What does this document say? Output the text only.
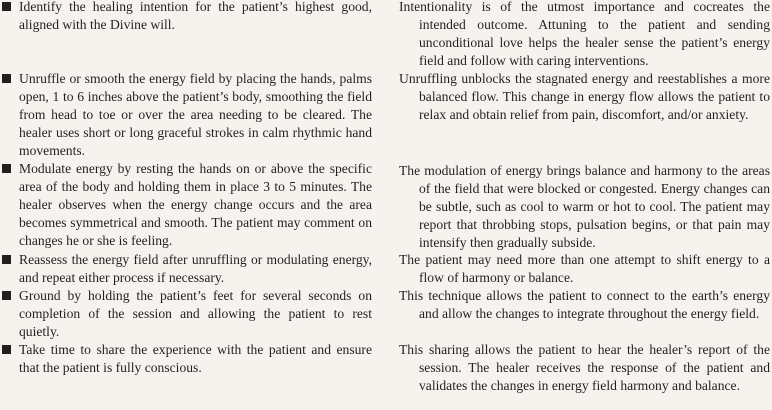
Identify the healing intention for the patient’s highest good, aligned with the Divine will.
Intentionality is of the utmost importance and cocreates the intended outcome. Attuning to the patient and sending unconditional love helps the healer sense the patient’s energy field and follow with caring interventions.
Unruffle or smooth the energy field by placing the hands, palms open, 1 to 6 inches above the patient’s body, smoothing the field from head to toe or over the area needing to be cleared. The healer uses short or long graceful strokes in calm rhythmic hand movements.
Unruffling unblocks the stagnated energy and reestablishes a more balanced flow. This change in energy flow allows the patient to relax and obtain relief from pain, discomfort, and/or anxiety.
Modulate energy by resting the hands on or above the specific area of the body and holding them in place 3 to 5 minutes. The healer observes when the energy change occurs and the area becomes symmetrical and smooth. The patient may comment on changes he or she is feeling.
The modulation of energy brings balance and harmony to the areas of the field that were blocked or congested. Energy changes can be subtle, such as cool to warm or hot to cool. The patient may report that throbbing stops, pulsation begins, or that pain may intensify then gradually subside.
Reassess the energy field after unruffling or modulating energy, and repeat either process if necessary.
The patient may need more than one attempt to shift energy to a flow of harmony or balance.
Ground by holding the patient’s feet for several seconds on completion of the session and allowing the patient to rest quietly.
This technique allows the patient to connect to the earth’s energy and allow the changes to integrate throughout the energy field.
Take time to share the experience with the patient and ensure that the patient is fully conscious.
This sharing allows the patient to hear the healer’s report of the session. The healer receives the response of the patient and validates the changes in energy field harmony and balance.
